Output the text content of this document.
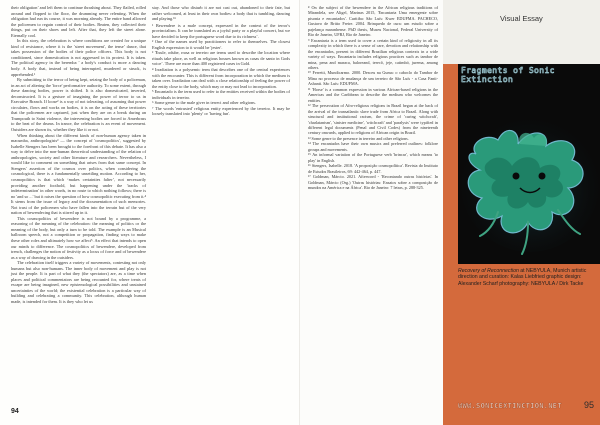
their obligation’ and left them to continue thrashing about. They flailed, rolled around and flopped to the floor, the drumming never relenting. When the obligation had run its course, it was morning already. The entire band allowed the policemen to regain control of their bodies. Beaten, they collected their things, put on their shoes and left. After that, they left the street alone. Eternally cool.

In this story, the celebration is where conditions are created for a unique kind of resistance, where it is the 'street movement', the tense’ dance, that takes possession of the bodies of their police officers. This body is not conditioned, since domestication is not aggressed in its protest. It is taken. The political agency in the beremba ’ a body's conduct is more a dancing body. A body that, instead of being interrupted, murdered or struck, is apprehended.¹

By submitting to the terror of being kept, seizing the body of a policeman, in an act of altering the 'force' performative authority. To some extent, through these dancing bodies, power is shifted. It is also domesticated, inverted, deconstructed. It is a gesture of imagining the power of terror to us in Executive Branch. If loose² is a way of not tolerating, of assuming that power circulates, flows and works on bodies, it is on the acting of these territories that the policemen are captured, just when they are on a break during an Trumpouth to Saint violence, the intervening bodies are forced to Amerbrass to the beat of the drums. In trance, the celebration is an event of movement. Outsiders are shown its, whether they like it or not.

When thinking about the different kinds of non-human agency taken in macumba, anthropologists³ — the concept of 'cosmopolitics', suggested by Isabelle Stengers has been brought to the forefront of this debate. It has also a way to delve into the non-human theoretical understanding of the relation of anthropologies, society and other literature and researchers. Nevertheless, I would like to comment on something that arises from that same concept. In Stengers' assertion of the cosmos over politics, when considering the cosmological, there is a fundamentally unsettling motion. According to her, cosmopolitics is that which ‘makes certainties falter’, not necessarily providing another foothold, but happening under the 'tracks of indetermination' in other words, in no route to which nothing follows; there is no 'and so ...' but it raises the question of how cosmopolitic executing from it.⁴ It stems from the issue of legacy and the documentation of such memories. Not trust of the policemen who have fallen into the terrain but of the very nation of bewendecing that is stirred up in it.

This cosmopolitics of bewendere is not bound by a programme, a reasoning of the meaning of the celebration: the meaning of politics or the meaning of the body, but only a turn to be told. The example is an Musical ballroom speech, not a competition or propagation, finding ways to make these other roles and ultimately how we affect⁵. An effect that intends to open our minds to difference. The cosmopolitics of bewendere, developed from trench, challenges the notion of festivity as a locus of force and of bewendere as a way of drawing in the outsiders.

The celebration itself triggers a variety of movements, contesting not only humans but also non-humans. The inner body of movement and play is not just the people. It is part of what they (the spectators) are, as a time when places and political commentators are being recounted for, where treats of escape are being imagined, new epistemological possibilities and unstained uncertainties of the world; the existential celebration is a particular way of building and celebrating a community. This celebration, although human made, is intended for them. It is they who let us

stay. And those who disturb it are not cast out, abandoned to their fate, but rather welcomed, at least in their own bodies: a body that is tumbling, dancing and playing.¹⁶

¹ Bewendere is a male concept, expressed in the context of the terror's provincialism. It can be translated as a joyful party or a playful concert, but we have decided to keep the portuguese word due to its richness’.

² One of the names used by practitioners to refer to themselves. The closest English expression to it would be 'jester'.

³ 'Exule, odube, rrasa or terreiro are terms used to describe the location where rituals take place, as well as religious houses known as casas de santo in Gods voice’. There are more than 400 registered cases in Gold.

⁴ Irradiation is a polysemic term that describes one of the central experiences with the encounter. This is different from incorporation in which the medium is taken over. Irradiation can deal with a close relationship of feeling the power of the entity close to the body, which may or may not lead to incorporation.

⁵ Encantado is the term used to refer to the entities received within the bodies of individuals in terreiro.

⁶ Some genre to the male giver in terreci and other religions.

⁷ The words 'entrusted' religious entity experienced by the terreiro. It may be loosely translated into 'plenty' or 'having fun'.

94

⁸ On the subject of the bewendere in the African religious traditions of Mirandela, see Aligel, Marinas 2015, 'Encantaria Uma emergente sobre pisonia e encantados'. Curitiba: São Luís: Kwer EDUFMA. PACHECO, Gustavo de Britto Freire. 2004. Brinquedo de cura: um estudo sobre a pajelança maranhense. PhD thesis, Museu Nacional, Federal University of Rio de Janeiro, UFRJ, Rio de Janeiro.

⁹ Encantaria is a term used to cover a certain kind of religiosity in all its complexity in which there is a sense of care, devotion and relationship with the encantados, present in different Brazilian religious contexts in a wide variety of ways. Encantaria includes religious practices such as tambor de mina, pena and maraca, baloreand, terecô, jeje, catimbó, jurema, among others.

¹⁰ Ferretti, Mundicarmo. 2000. Desceu na Guma: o caboclo do Tambor de Mina no processo de mudança de um terreiro de São Luís - a Casa Fanti-Ashanti. São Luís: EDUFMA.

¹¹ 'Horse' is a common expression in various African-based religions in the Americas and the Caribbean to describe the medium who welcomes the entities.

¹² The persecution of Afro-religious religions in Brazil began at the back of the arrival of the transatlantic slave trade from Africa to Brazil. Along with structural and institutional racism, the crime of 'curing witchcraft', 'charlatanism', 'sinister medicine', 'witchcraft' and 'paralysis' were typified in different legal documents (Penal and Civil Codes) from the nineteenth century onwards, applied to religions of African origin in Brazil.

¹³ Some genre to the presence in terreiro and other religions.

¹⁴ The encantados have their own musics and preferred outlines: folklore groups and movements.

¹⁵ An informal variation of the Portuguese verb 'brincar', which means 'to play' in English.

¹⁶ Stengers, Isabelle. 2018. 'A proposição cosmopolítica'. Revista do Instituto de Estudos Brasileiros, 69: 442-464, p. 447.

¹⁷ Goldman, Márcio. 2021. Afterword - 'Recontando outras histórias'. In Goldman, Márcio (Org.) 'Outras histórias: Ensaios sobre a composição de mundos na América e na África'. Rio de Janeiro: 7 letras, p. 288-325.

Visual Essay
Fragments of Sonic Extinction
Recovery of Reconnection at NEBYULA, Munich artistic direction and curation: Kalas Liebfried graphic design: Alexander Scharf photography: NEBYULA / Dirk Tacke
WWW.SONICEXTINCTION.NET	95
